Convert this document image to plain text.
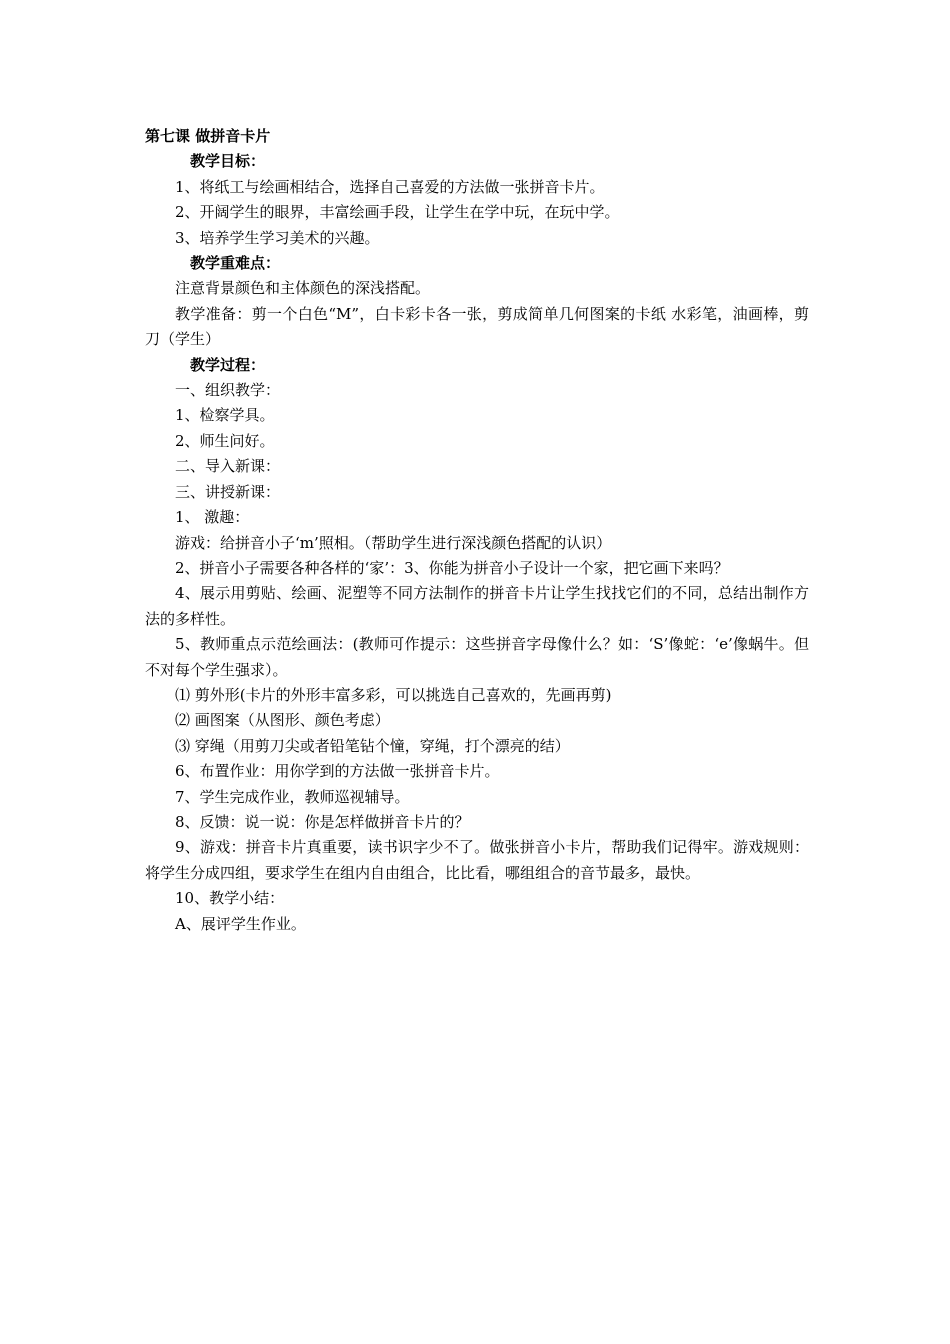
第七课 做拼音卡片

教学目标：

1、将纸工与绘画相结合，选择自己喜爱的方法做一张拼音卡片。

2、开阔学生的眼界，丰富绘画手段，让学生在学中玩，在玩中学。

3、培养学生学习美术的兴趣。

教学重难点：

注意背景颜色和主体颜色的深浅搭配。

教学准备：剪一个白色“M”，白卡彩卡各一张，剪成简单几何图案的卡纸 水彩笔，油画棒，剪刀（学生）

教学过程：

一、组织教学：

1、检察学具。

2、师生问好。

二、导入新课：

三、讲授新课：

1、 激趣：

游戏：给拼音小子‘m’照相。（帮助学生进行深浅颜色搭配的认识）

2、拼音小子需要各种各样的‘家’：3、你能为拼音小子设计一个家，把它画下来吗？

4、展示用剪贴、绘画、泥塑等不同方法制作的拼音卡片让学生找找它们的不同，总结出制作方法的多样性。

5、教师重点示范绘画法：(教师可作提示：这些拼音字母像什么？如：‘S’像蛇：‘e’像蜗牛。但不对每个学生强求）。

⑴ 剪外形(卡片的外形丰富多彩，可以挑选自己喜欢的，先画再剪)

⑵ 画图案（从图形、颜色考虑）

⑶ 穿绳（用剪刀尖或者铅笔钻个憧，穿绳，打个漂亮的结）

6、布置作业：用你学到的方法做一张拼音卡片。

7、学生完成作业，教师巡视辅导。

8、反馈：说一说：你是怎样做拼音卡片的？

9、游戏：拼音卡片真重要，读书识字少不了。做张拼音小卡片，帮助我们记得牢。游戏规则：将学生分成四组，要求学生在组内自由组合，比比看，哪组组合的音节最多，最快。

10、教学小结：

A、展评学生作业。
